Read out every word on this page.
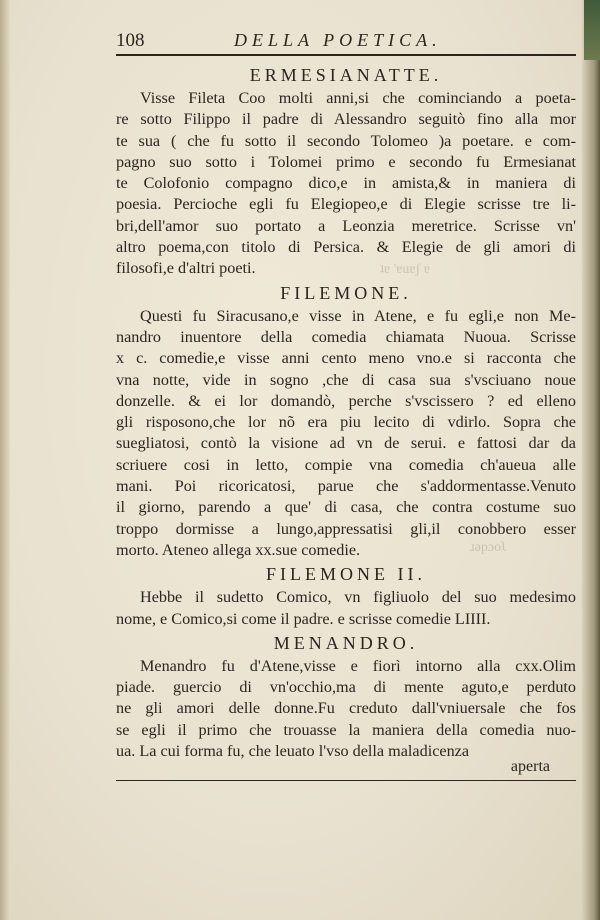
ʇɐ 'ɐuɐʃ ɐ
ɹǝpɔoʅ
108	DELLA POETICA.
ERMESIANATTE.
Visse Fileta Coo molti anni,si che cominciando a poeta-
re sotto Filippo il padre di Alessandro seguitò fino alla mor
te sua ( che fu sotto il secondo Tolomeo )a poetare. e com-
pagno suo sotto i Tolomei primo e secondo fu Ermesianat
te Colofonio compagno dico,e in amista,& in maniera di
poesia. Percioche egli fu Elegiopeo,e di Elegie scrisse tre li-
bri,dell'amor suo portato a Leonzia meretrice. Scrisse vn'
altro poema,con titolo di Persica. & Elegie de gli amori di
filosofi,e d'altri poeti.
FILEMONE.
Questi fu Siracusano,e visse in Atene, e fu egli,e non Me-
nandro inuentore della comedia chiamata Nuoua. Scrisse
x c. comedie,e visse anni cento meno vno.e si racconta che
vna notte, vide in sogno ,che di casa sua s'vsciuano noue
donzelle. & ei lor domandò, perche s'vscissero ? ed elleno
gli risposono,che lor nõ era piu lecito di vdirlo. Sopra che
suegliatosi, contò la visione ad vn de serui. e fattosi dar da
scriuere cosi in letto, compie vna comedia ch'aueua alle
mani. Poi ricoricatosi, parue che s'addormentasse.Venuto
il giorno, parendo a que' di casa, che contra costume suo
troppo dormisse a lungo,appressatisi gli,il conobbero esser
morto. Ateneo allega xx.sue comedie.
FILEMONE II.
Hebbe il sudetto Comico, vn figliuolo del suo medesimo
nome, e Comico,si come il padre. e scrisse comedie LIIII.
MENANDRO.
Menandro fu d'Atene,visse e fiorì intorno alla cxx.Olim
piade. guercio di vn'occhio,ma di mente aguto,e perduto
ne gli amori delle donne.Fu creduto dall'vniuersale che fos
se egli il primo che trouasse la maniera della comedia nuo-
ua. La cui forma fu, che leuato l'vso della maladicenza
aperta
